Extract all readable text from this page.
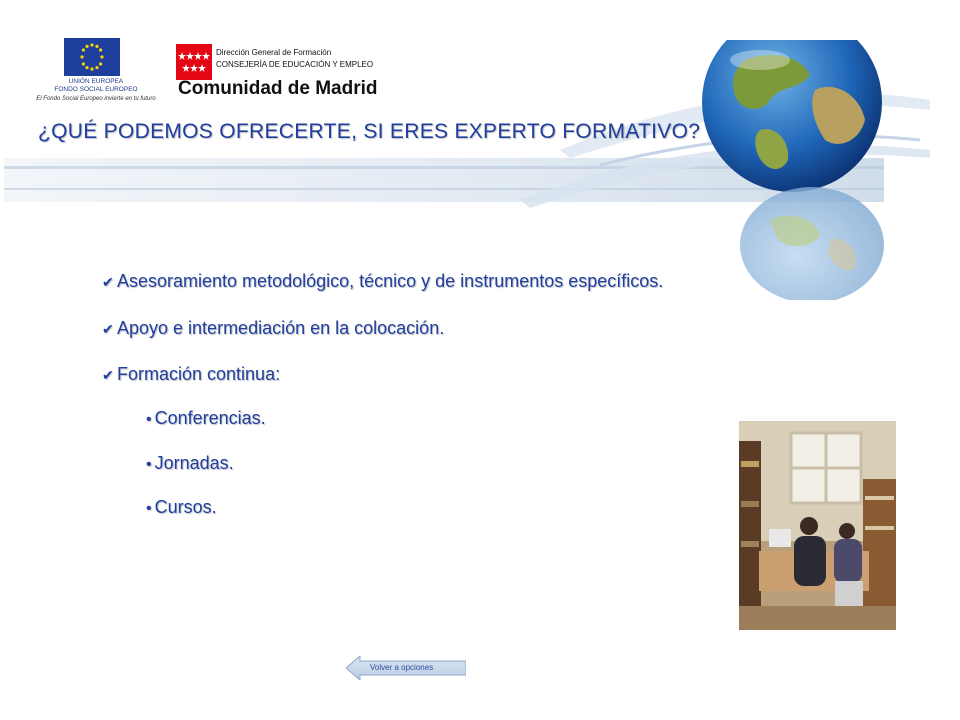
UNIÓN EUROPEA
FONDO SOCIAL EUROPEO
El Fondo Social Europeo invierte en tu futuro
Dirección General de Formación
CONSEJERÍA DE EDUCACIÓN Y EMPLEO
Comunidad de Madrid
¿QUÉ PODEMOS OFRECERTE, SI ERES EXPERTO FORMATIVO?
✔ Asesoramiento metodológico, técnico y de instrumentos específicos.
✔ Apoyo e intermediación en la colocación.
✔ Formación continua:
• Conferencias.
• Jornadas.
• Cursos.
Volver a opciones
